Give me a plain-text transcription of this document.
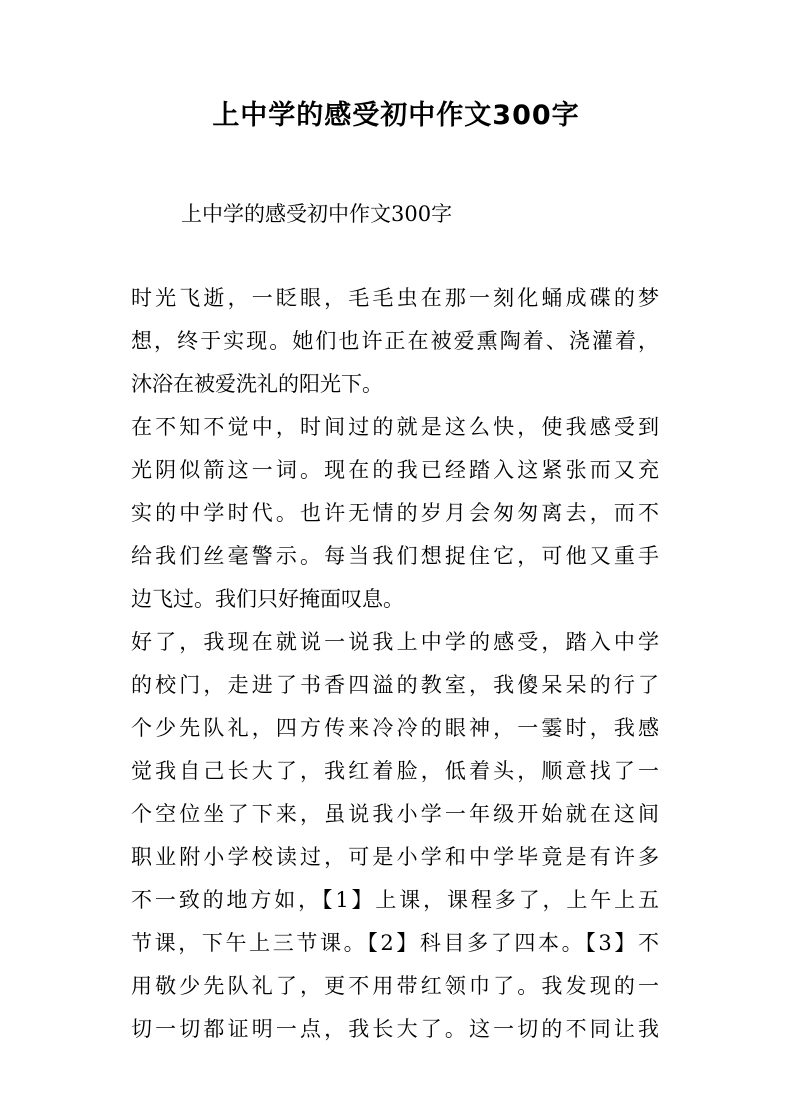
上中学的感受初中作文300字
上中学的感受初中作文300字

时光飞逝，一眨眼，毛毛虫在那一刻化蛹成碟的梦
想，终于实现。她们也许正在被爱熏陶着、浇灌着，
沐浴在被爱洗礼的阳光下。

在不知不觉中，时间过的就是这么快，使我感受到
光阴似箭这一词。现在的我已经踏入这紧张而又充
实的中学时代。也许无情的岁月会匆匆离去，而不
给我们丝毫警示。每当我们想捉住它，可他又重手
边飞过。我们只好掩面叹息。

好了，我现在就说一说我上中学的感受，踏入中学
的校门，走进了书香四溢的教室，我傻呆呆的行了
个少先队礼，四方传来冷冷的眼神，一霎时，我感
觉我自己长大了，我红着脸，低着头，顺意找了一
个空位坐了下来，虽说我小学一年级开始就在这间
职业附小学校读过，可是小学和中学毕竟是有许多
不一致的地方如，【1】上课，课程多了，上午上五
节课，下午上三节课。【2】科目多了四本。【3】不
用敬少先队礼了，更不用带红领巾了。我发现的一
切一切都证明一点，我长大了。这一切的不同让我
